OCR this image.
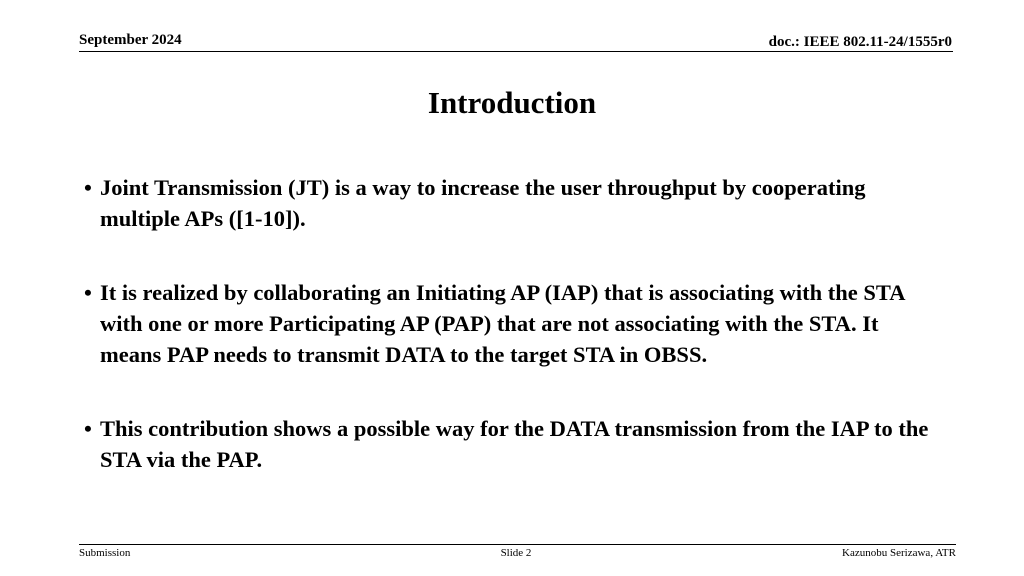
September 2024	doc.: IEEE 802.11-24/1555r0
Introduction
• Joint Transmission (JT) is a way to increase the user throughput by cooperating multiple APs ([1-10]).
• It is realized by collaborating an Initiating AP (IAP) that is associating with the STA with one or more Participating AP (PAP) that are not associating with the STA. It means PAP needs to transmit DATA to the target STA in OBSS.
• This contribution shows a possible way for the DATA transmission from the IAP to the STA via the PAP.
Submission	Slide 2	Kazunobu Serizawa, ATR
